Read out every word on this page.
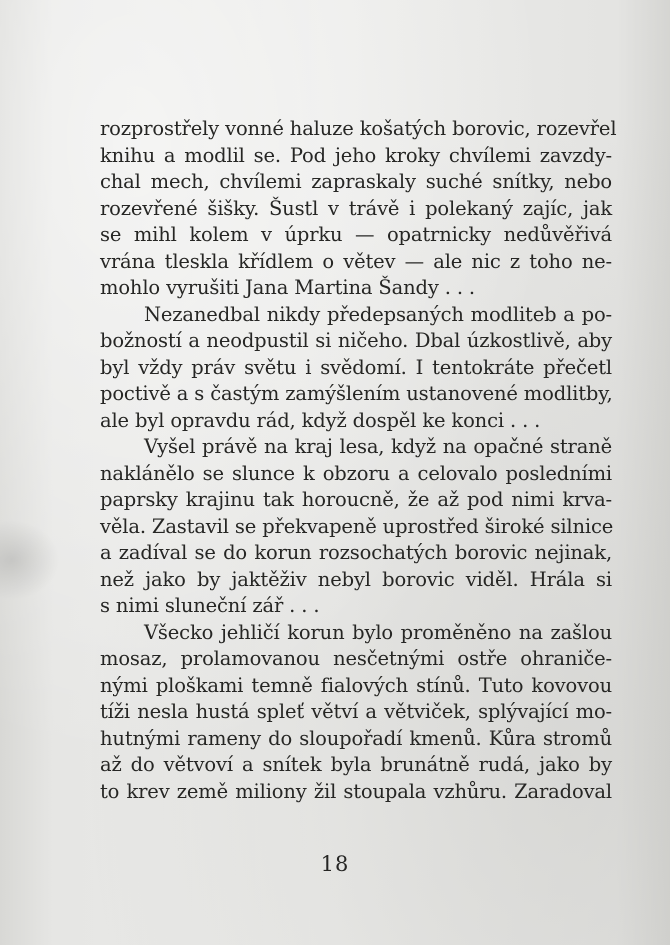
rozprostřely vonné haluze košatých borovic, rozevřel
knihu a modlil se. Pod jeho kroky chvílemi zavzdy-
chal mech, chvílemi zapraskaly suché snítky, nebo
rozevřené šišky. Šustl v trávě i polekaný zajíc, jak
se mihl kolem v úprku — opatrnicky nedůvěřivá
vrána tleskla křídlem o větev — ale nic z toho ne-
mohlo vyrušiti Jana Martina Šandy . . .
Nezanedbal nikdy předepsaných modliteb a po-
božností a neodpustil si ničeho. Dbal úzkostlivě, aby
byl vždy práv světu i svědomí. I tentokráte přečetl
poctivě a s častým zamýšlením ustanovené modlitby,
ale byl opravdu rád, když dospěl ke konci . . .
Vyšel právě na kraj lesa, když na opačné straně
naklánělo se slunce k obzoru a celovalo posledními
paprsky krajinu tak horoucně, že až pod nimi krva-
věla. Zastavil se překvapeně uprostřed široké silnice
a zadíval se do korun rozsochatých borovic nejinak,
než jako by jaktěživ nebyl borovic viděl. Hrála si
s nimi sluneční zář . . .
Všecko jehličí korun bylo proměněno na zašlou
mosaz, prolamovanou nesčetnými ostře ohraniče-
nými ploškami temně fialových stínů. Tuto kovovou
tíži nesla hustá spleť větví a větviček, splývající mo-
hutnými rameny do sloupořadí kmenů. Kůra stromů
až do větvoví a snítek byla brunátně rudá, jako by
to krev země miliony žil stoupala vzhůru. Zaradoval
18
